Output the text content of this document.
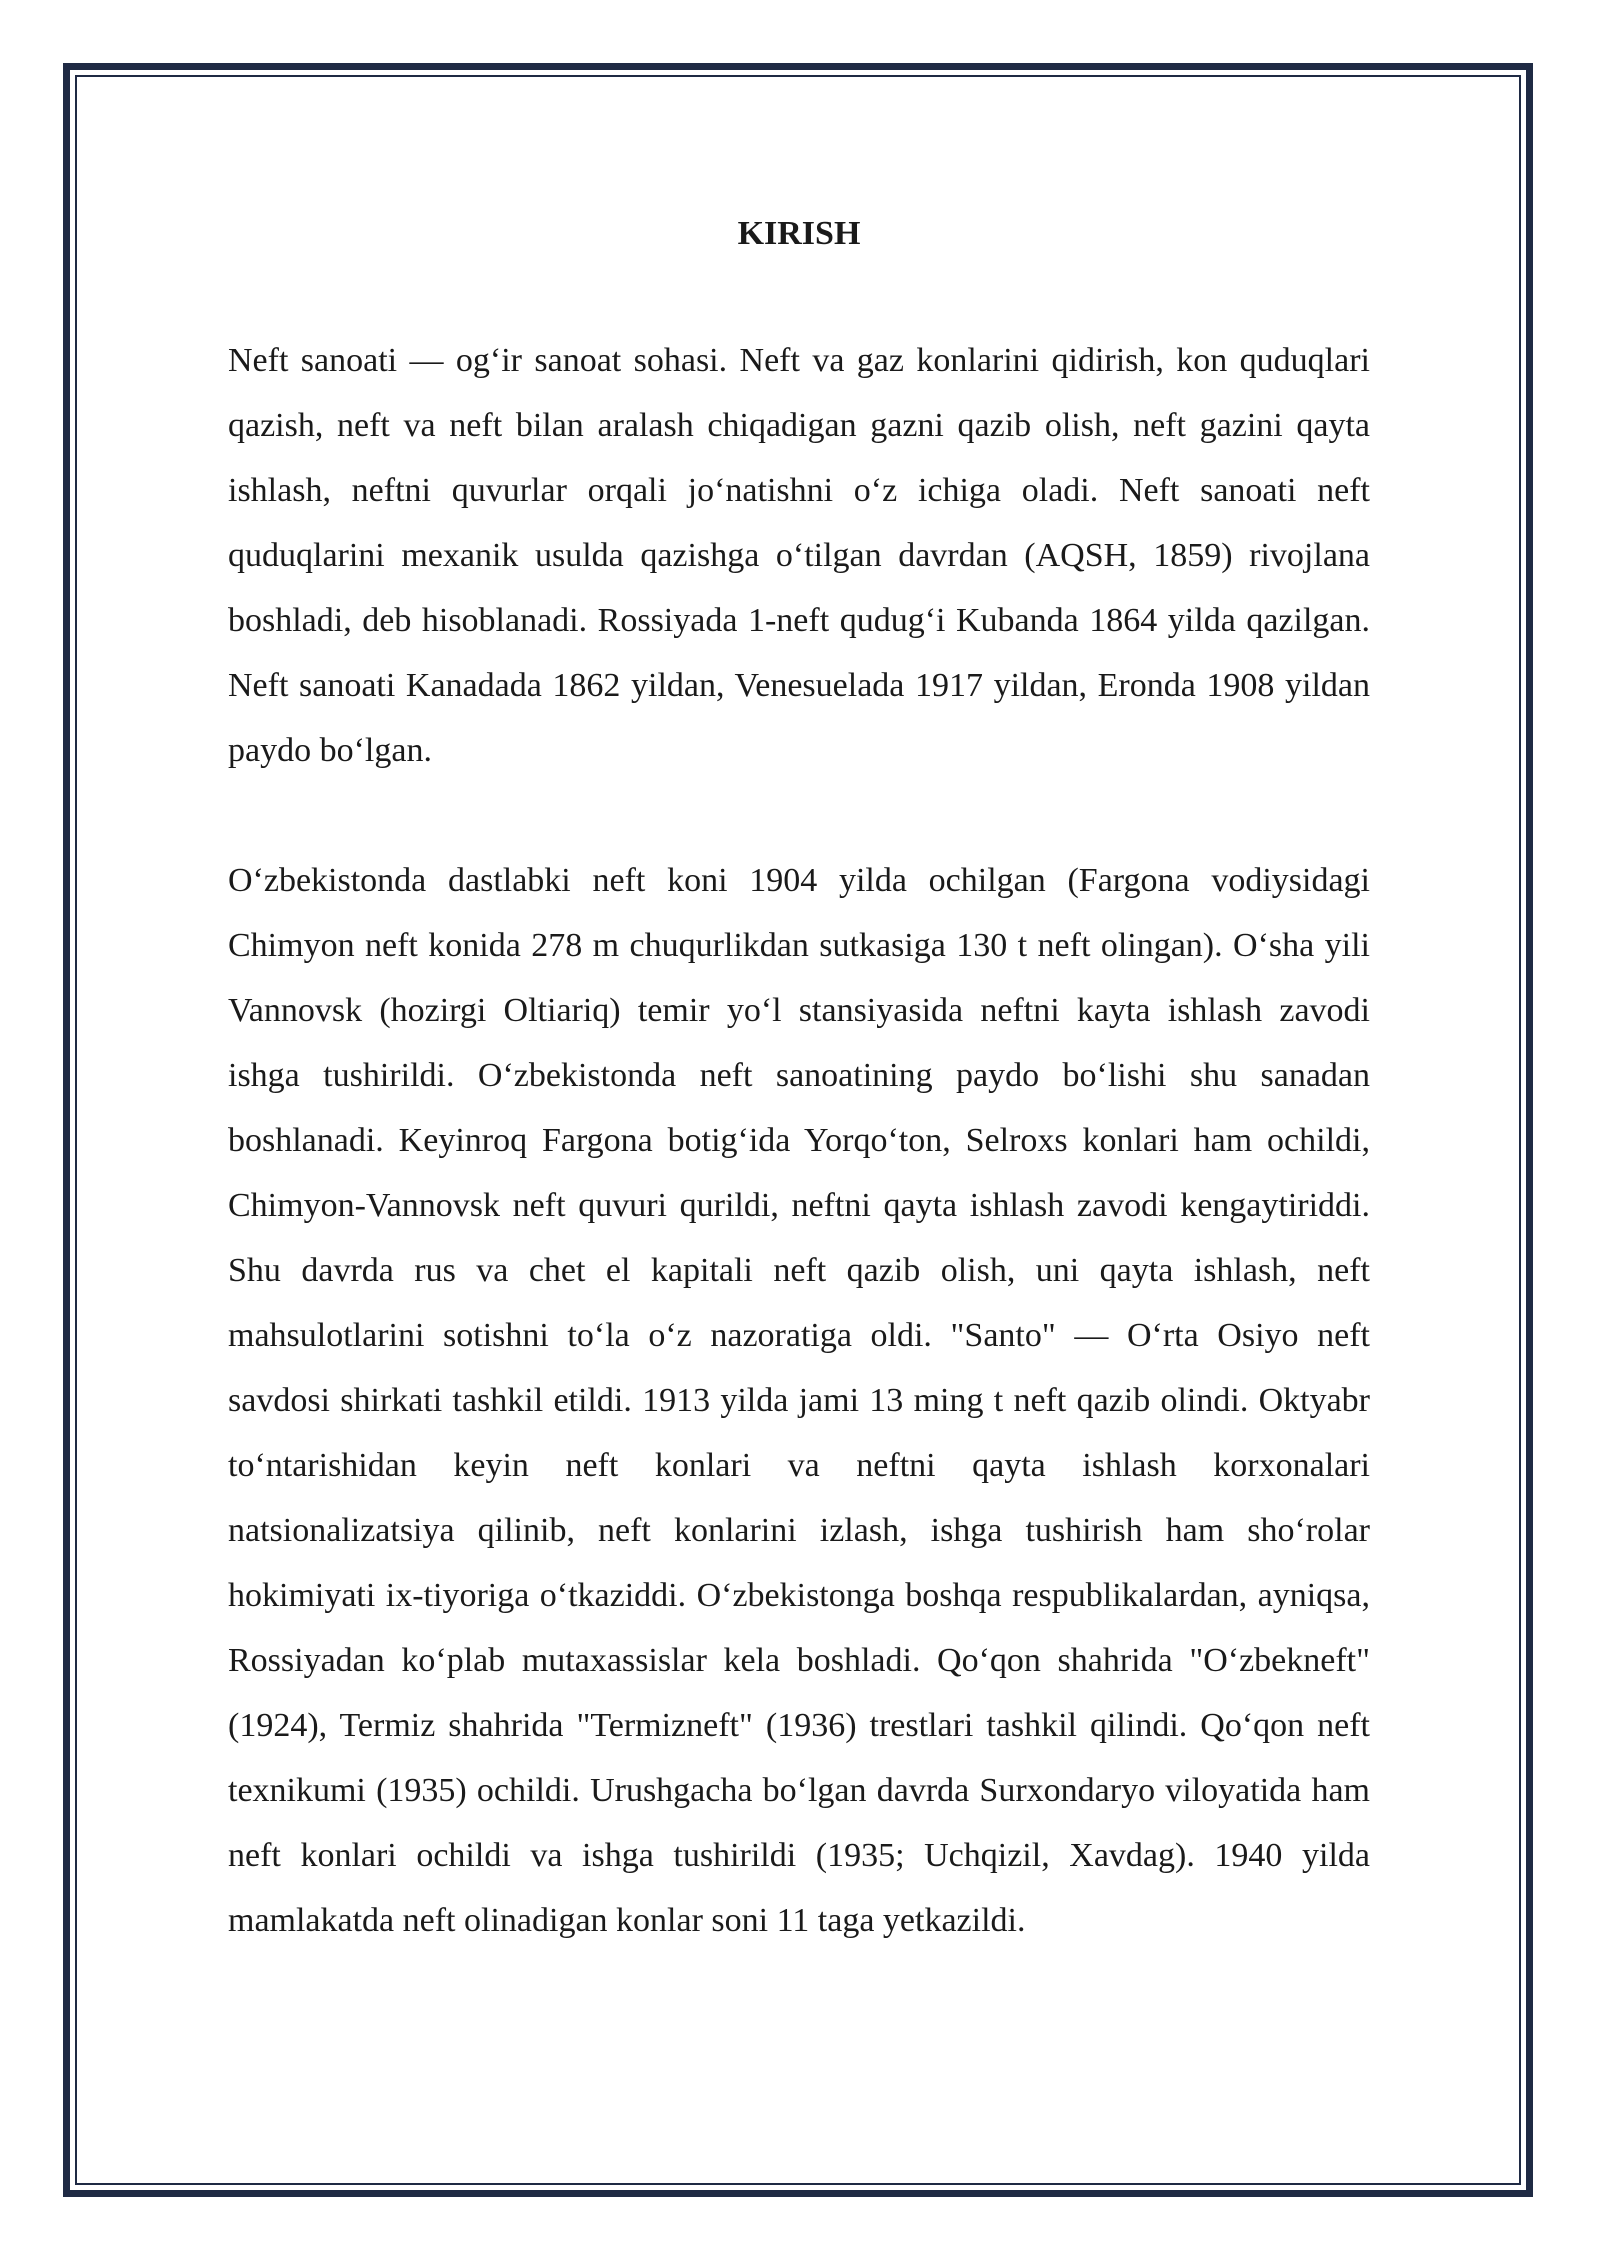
KIRISH

Neft sanoati — og‘ir sanoat sohasi. Neft va gaz konlarini qidirish, kon quduqlari qazish, neft va neft bilan aralash chiqadigan gazni qazib olish, neft gazini qayta ishlash, neftni quvurlar orqali jo‘natishni o‘z ichiga oladi. Neft sanoati neft quduqlarini mexanik usulda qazishga o‘tilgan davrdan (AQSH, 1859) rivojlana boshladi, deb hisoblanadi. Rossiyada 1-neft qudug‘i Kubanda 1864 yilda qazilgan. Neft sanoati Kanadada 1862 yildan, Venesuelada 1917 yildan, Eronda 1908 yildan paydo bo‘lgan.

O‘zbekistonda dastlabki neft koni 1904 yilda ochilgan (Fargona vodiysidagi Chimyon neft konida 278 m chuqurlikdan sutkasiga 130 t neft olingan). O‘sha yili Vannovsk (hozirgi Oltiariq) temir yo‘l stansiyasida neftni kayta ishlash zavodi ishga tushirildi. O‘zbekistonda neft sanoatining paydo bo‘lishi shu sanadan boshlanadi. Keyinroq Fargona botig‘ida Yorqo‘ton, Selroxs konlari ham ochildi, Chimyon-Vannovsk neft quvuri qurildi, neftni qayta ishlash zavodi kengaytiriddi. Shu davrda rus va chet el kapitali neft qazib olish, uni qayta ishlash, neft mahsulotlarini sotishni to‘la o‘z nazoratiga oldi. "Santo" — O‘rta Osiyo neft savdosi shirkati tashkil etildi. 1913 yilda jami 13 ming t neft qazib olindi. Oktyabr to‘ntarishidan keyin neft konlari va neftni qayta ishlash korxonalari natsionalizatsiya qilinib, neft konlarini izlash, ishga tushirish ham sho‘rolar hokimiyati ix-tiyoriga o‘tkaziddi. O‘zbekistonga boshqa respublikalardan, ayniqsa, Rossiyadan ko‘plab mutaxassislar kela boshladi. Qo‘qon shahrida "O‘zbekneft" (1924), Termiz shahrida "Termizneft" (1936) trestlari tashkil qilindi. Qo‘qon neft texnikumi (1935) ochildi. Urushgacha bo‘lgan davrda Surxondaryo viloyatida ham neft konlari ochildi va ishga tushirildi (1935; Uchqizil, Xavdag). 1940 yilda mamlakatda neft olinadigan konlar soni 11 taga yetkazildi.
